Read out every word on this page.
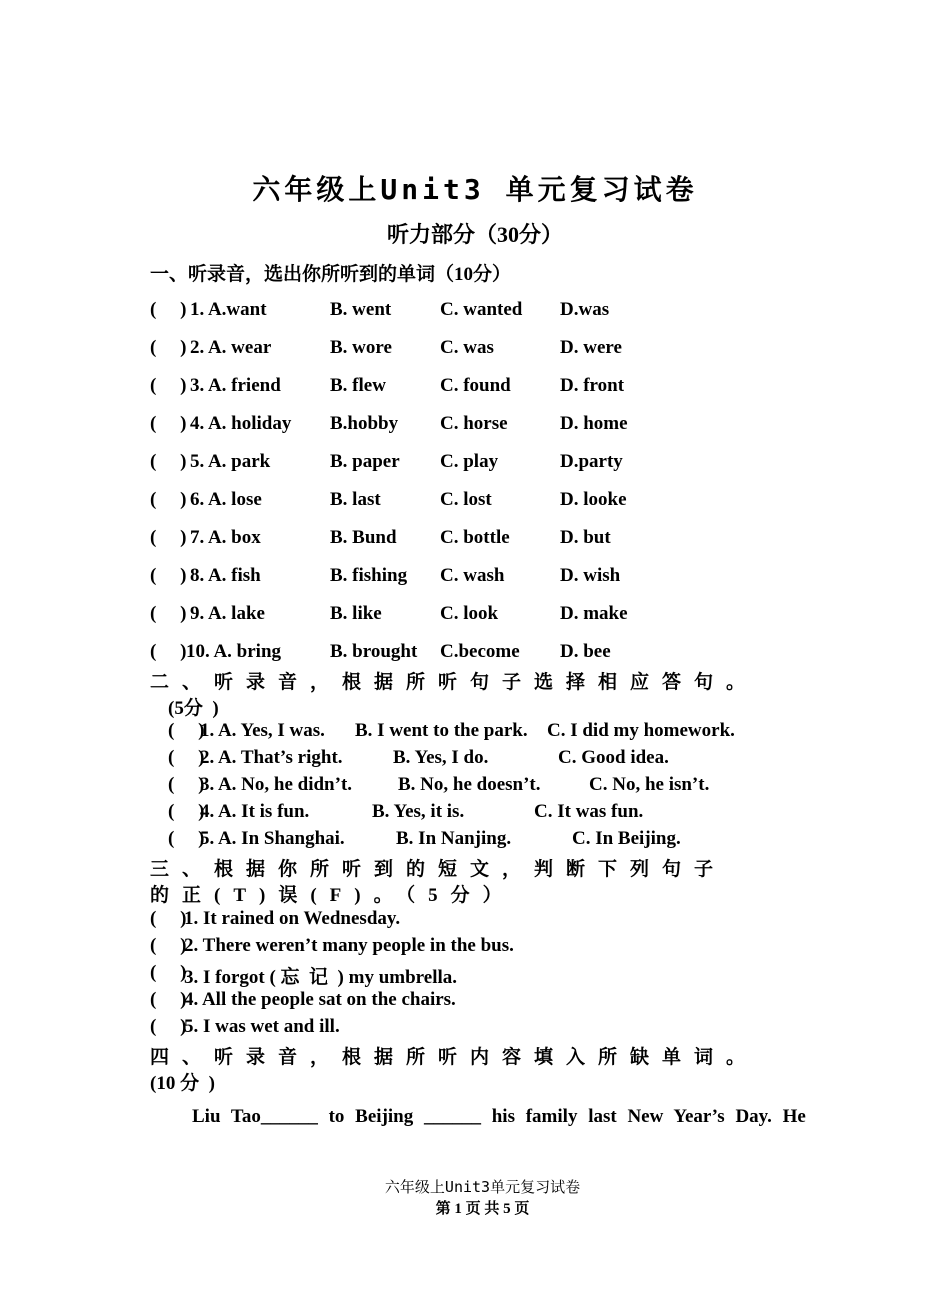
六年级上Unit3 单元复习试卷
听力部分（30分）
一、听录音，选出你所听到的单词（10分）
(     ) 1. A.want	B. went	C. wanted D.was
(     ) 2. A. wear	B. wore	C. was	D. were
(     ) 3. A. friend	B. flew	C. found	D. front
(     ) 4. A. holiday B.hobby C. horse	D. home
(     ) 5. A. park	B. paper C. play	D.party
(     ) 6. A. lose	B. last	C. lost	D. looke
(     ) 7. A. box	B. Bund C. bottle	D. but
(     ) 8. A. fish	B. fishing C. wash	D. wish
(     ) 9. A. lake	B. like	C. look	D. make
(     ) 10. A. bring	B. brought C.become D. bee
二、听录音，根据所听句子选择相应答句。
(5分  )
(     )
1. A. Yes, I was. B. I went to the park. C. I did my homework.
(     )
2. A. That’s right.	B. Yes, I do.	C. Good idea.
(     )
3. A. No, he didn’t. B. No, he doesn’t.	C. No, he isn’t.
(     )
4. A. It is fun.	B. Yes, it is.	C. It was fun.
(     )
5. A. In Shanghai.	B. In Nanjing.	C. In Beijing.
三、根据你所听到的短文，判断下列句子
的正(T)误(F)。（5分）
(     )
1. It rained on Wednesday.
(     )
2. There weren’t many people in the bus.
(     )
3. I forgot ( 忘  记  ) my umbrella.
(     )
4. All the people sat on the chairs.
(     )
5. I was wet and ill.
四、听录音，根据所听内容填入所缺单词。
(10 分  )
Liu Tao______ to Beijing ______ his family last New Year’s Day. He

六年级上Unit3单元复习试卷
第 1 页 共 5 页
